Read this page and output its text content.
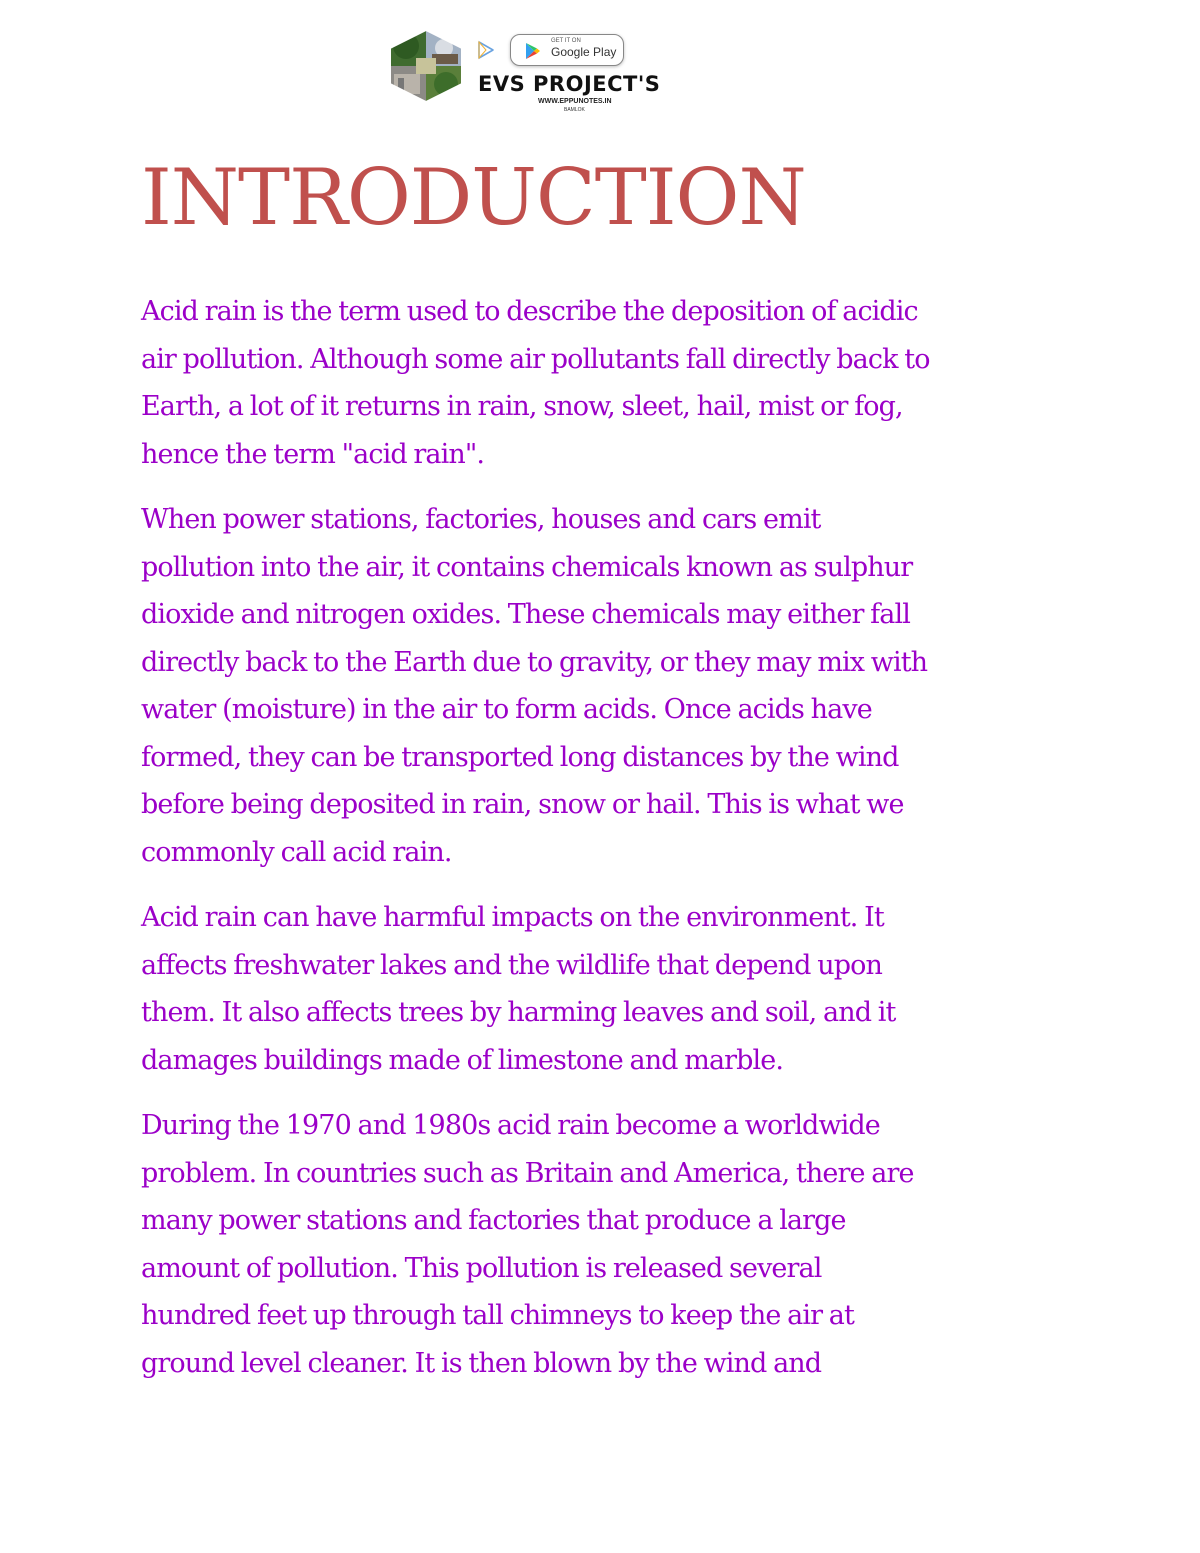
GET IT ON
Google Play
EVS PROJECT'S
WWW.EPPUNOTES.IN
BAMLOK
INTRODUCTION

Acid rain is the term used to describe the deposition of acidic
air pollution. Although some air pollutants fall directly back to
Earth, a lot of it returns in rain, snow, sleet, hail, mist or fog,
hence the term "acid rain".

When power stations, factories, houses and cars emit
pollution into the air, it contains chemicals known as sulphur
dioxide and nitrogen oxides. These chemicals may either fall
directly back to the Earth due to gravity, or they may mix with
water (moisture) in the air to form acids. Once acids have
formed, they can be transported long distances by the wind
before being deposited in rain, snow or hail. This is what we
commonly call acid rain.

Acid rain can have harmful impacts on the environment. It
affects freshwater lakes and the wildlife that depend upon
them. It also affects trees by harming leaves and soil, and it
damages buildings made of limestone and marble.

During the 1970 and 1980s acid rain become a worldwide
problem. In countries such as Britain and America, there are
many power stations and factories that produce a large
amount of pollution. This pollution is released several
hundred feet up through tall chimneys to keep the air at
ground level cleaner. It is then blown by the wind and
